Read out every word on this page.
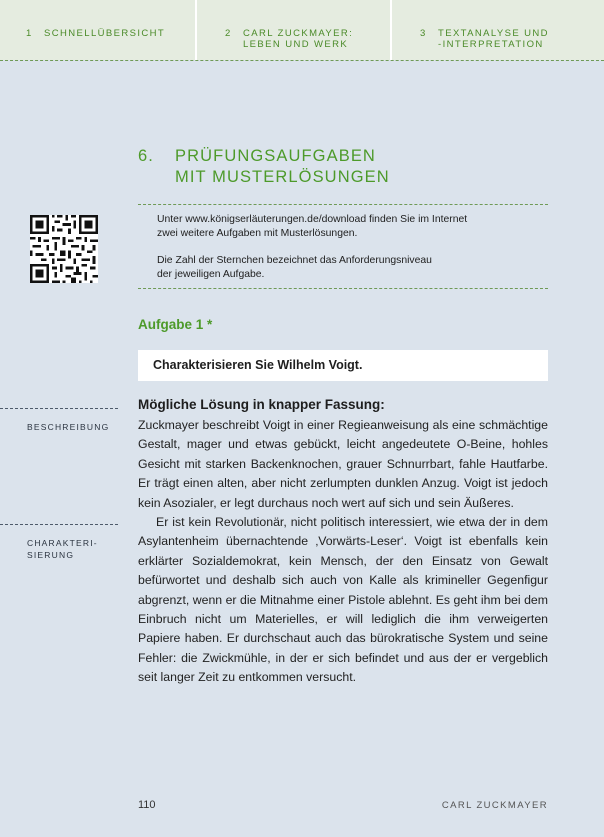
1	SCHNELLÜBERSICHT	2	CARL ZUCKMAYER:
LEBEN UND WERK
3	TEXTANALYSE UND
-INTERPRETATION
6.	PRÜFUNGSAUFGABEN
MIT MUSTERLÖSUNGEN
Unter www.königserläuterungen.de/download finden Sie im Internet
zwei weitere Aufgaben mit Musterlösungen.
Die Zahl der Sternchen bezeichnet das Anforderungsniveau
der jeweiligen Aufgabe.
Aufgabe 1 *
Charakterisieren Sie Wilhelm Voigt.
BESCHREIBUNG
CHARAKTERI-
SIERUNG
Mögliche Lösung in knapper Fassung:

Zuckmayer beschreibt Voigt in einer Regieanweisung als eine schmächtige Gestalt, mager und etwas gebückt, leicht angedeutete O-Beine, hohles Gesicht mit starken Backenknochen, grauer Schnurrbart, fahle Hautfarbe. Er trägt einen alten, aber nicht zerlumpten dunklen Anzug. Voigt ist jedoch kein Asozialer, er legt durchaus noch wert auf sich und sein Äußeres.

Er ist kein Revolutionär, nicht politisch interessiert, wie etwa der in dem Asylantenheim übernachtende ‚Vorwärts-Leser‘. Voigt ist ebenfalls kein erklärter Sozialdemokrat, kein Mensch, der den Einsatz von Gewalt befürwortet und deshalb sich auch von Kalle als krimineller Gegenfigur abgrenzt, wenn er die Mitnahme einer Pistole ablehnt. Es geht ihm bei dem Einbruch nicht um Materielles, er will lediglich die ihm verweigerten Papiere haben. Er durchschaut auch das bürokratische System und seine Fehler: die Zwickmühle, in der er sich befindet und aus der er vergeblich seit langer Zeit zu entkommen versucht.

110	CARL ZUCKMAYER
